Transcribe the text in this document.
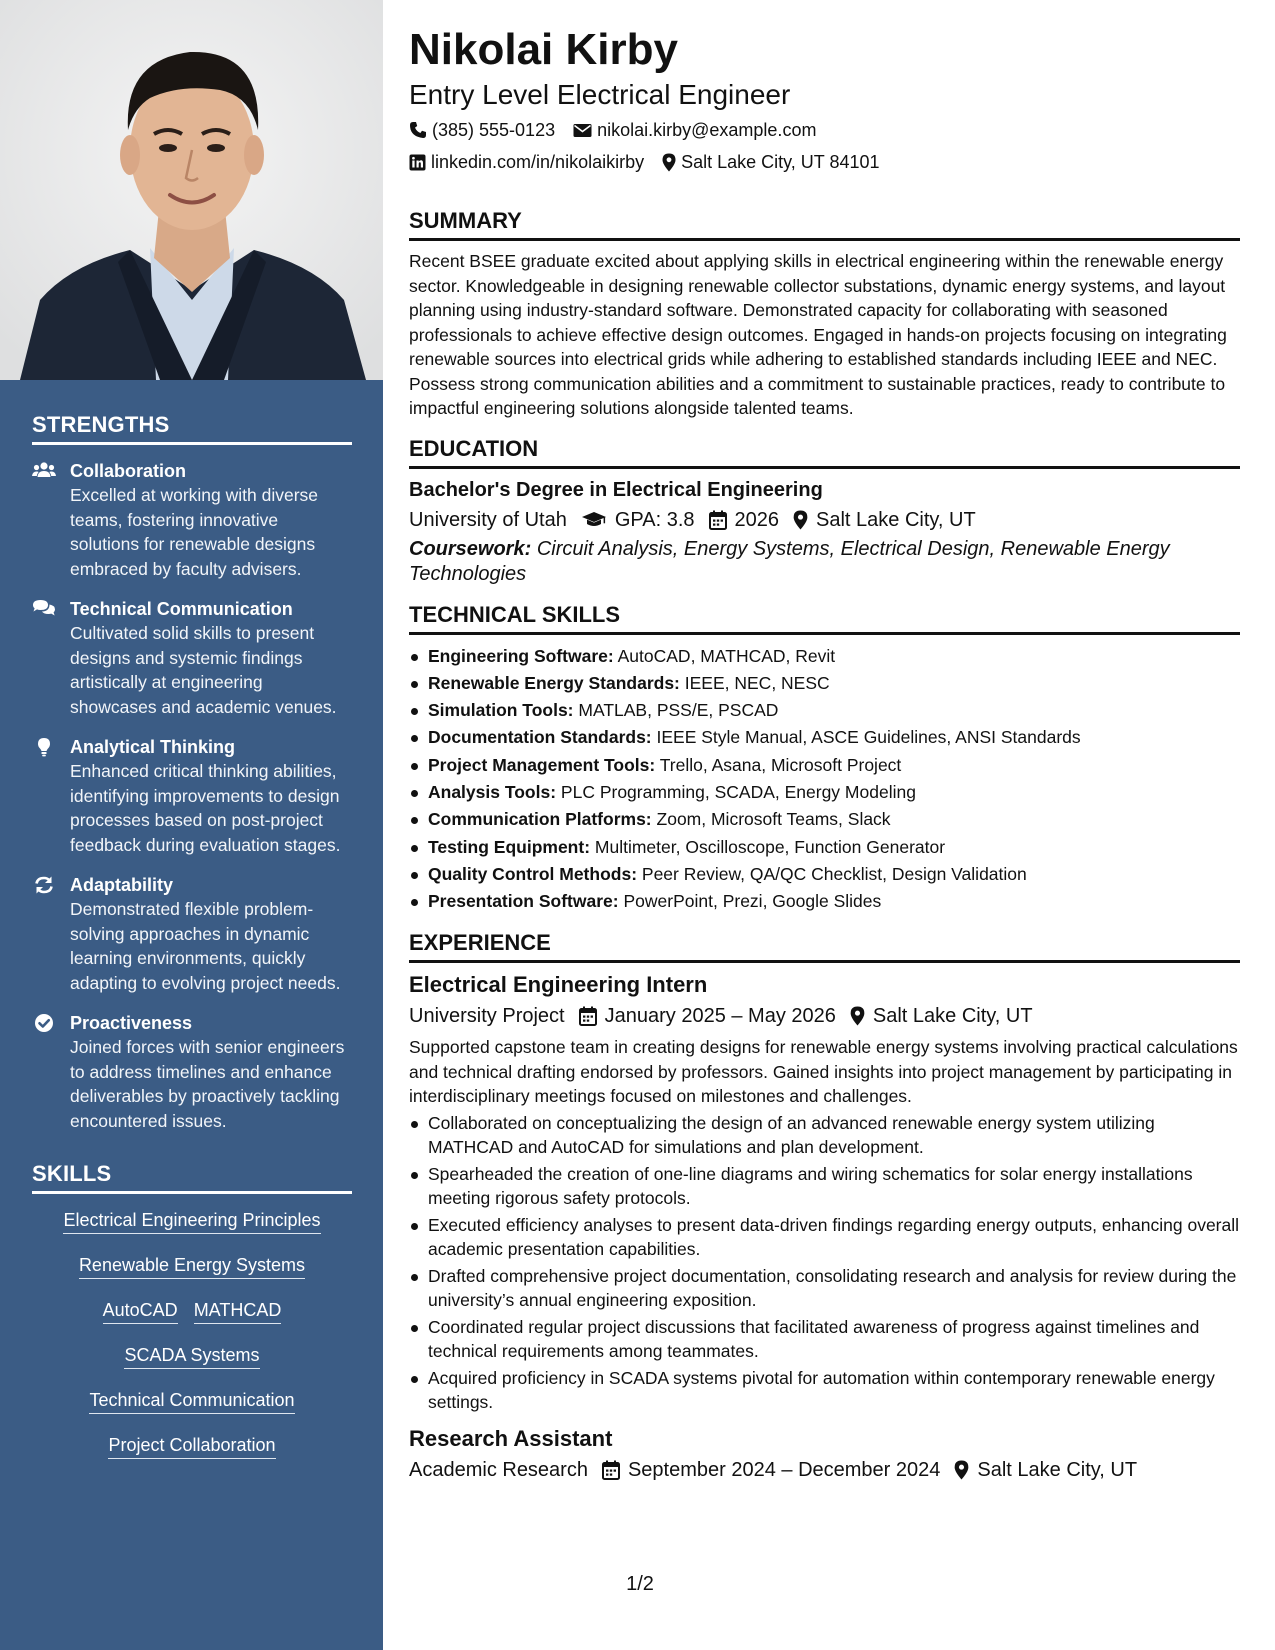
STRENGTHS
Collaboration
Excelled at working with diverse teams, fostering innovative solutions for renewable designs embraced by faculty advisers.
Technical Communication
Cultivated solid skills to present designs and systemic findings artistically at engineering showcases and academic venues.
Analytical Thinking
Enhanced critical thinking abilities, identifying improvements to design processes based on post-project feedback during evaluation stages.
Adaptability
Demonstrated flexible problem-solving approaches in dynamic learning environments, quickly adapting to evolving project needs.
Proactiveness
Joined forces with senior engineers to address timelines and enhance deliverables by proactively tackling encountered issues.
SKILLS
Electrical Engineering Principles
Renewable Energy Systems
AutoCAD MATHCAD
SCADA Systems
Technical Communication
Project Collaboration
Nikolai Kirby
Entry Level Electrical Engineer
(385) 555-0123 nikolai.kirby@example.com
linkedin.com/in/nikolaikirby Salt Lake City, UT 84101
SUMMARY
Recent BSEE graduate excited about applying skills in electrical engineering within the renewable energy sector. Knowledgeable in designing renewable collector substations, dynamic energy systems, and layout planning using industry-standard software. Demonstrated capacity for collaborating with seasoned professionals to achieve effective design outcomes. Engaged in hands-on projects focusing on integrating renewable sources into electrical grids while adhering to established standards including IEEE and NEC. Possess strong communication abilities and a commitment to sustainable practices, ready to contribute to impactful engineering solutions alongside talented teams.
EDUCATION
Bachelor's Degree in Electrical Engineering
University of Utah GPA: 3.8 2026 Salt Lake City, UT
Coursework: Circuit Analysis, Energy Systems, Electrical Design, Renewable Energy Technologies
TECHNICAL SKILLS
Engineering Software: AutoCAD, MATHCAD, Revit
Renewable Energy Standards: IEEE, NEC, NESC
Simulation Tools: MATLAB, PSS/E, PSCAD
Documentation Standards: IEEE Style Manual, ASCE Guidelines, ANSI Standards
Project Management Tools: Trello, Asana, Microsoft Project
Analysis Tools: PLC Programming, SCADA, Energy Modeling
Communication Platforms: Zoom, Microsoft Teams, Slack
Testing Equipment: Multimeter, Oscilloscope, Function Generator
Quality Control Methods: Peer Review, QA/QC Checklist, Design Validation
Presentation Software: PowerPoint, Prezi, Google Slides
EXPERIENCE
Electrical Engineering Intern
University Project January 2025 – May 2026 Salt Lake City, UT
Supported capstone team in creating designs for renewable energy systems involving practical calculations and technical drafting endorsed by professors. Gained insights into project management by participating in interdisciplinary meetings focused on milestones and challenges.
Collaborated on conceptualizing the design of an advanced renewable energy system utilizing MATHCAD and AutoCAD for simulations and plan development.
Spearheaded the creation of one-line diagrams and wiring schematics for solar energy installations meeting rigorous safety protocols.
Executed efficiency analyses to present data-driven findings regarding energy outputs, enhancing overall academic presentation capabilities.
Drafted comprehensive project documentation, consolidating research and analysis for review during the university’s annual engineering exposition.
Coordinated regular project discussions that facilitated awareness of progress against timelines and technical requirements among teammates.
Acquired proficiency in SCADA systems pivotal for automation within contemporary renewable energy settings.
Research Assistant
Academic Research September 2024 – December 2024 Salt Lake City, UT
1/2
